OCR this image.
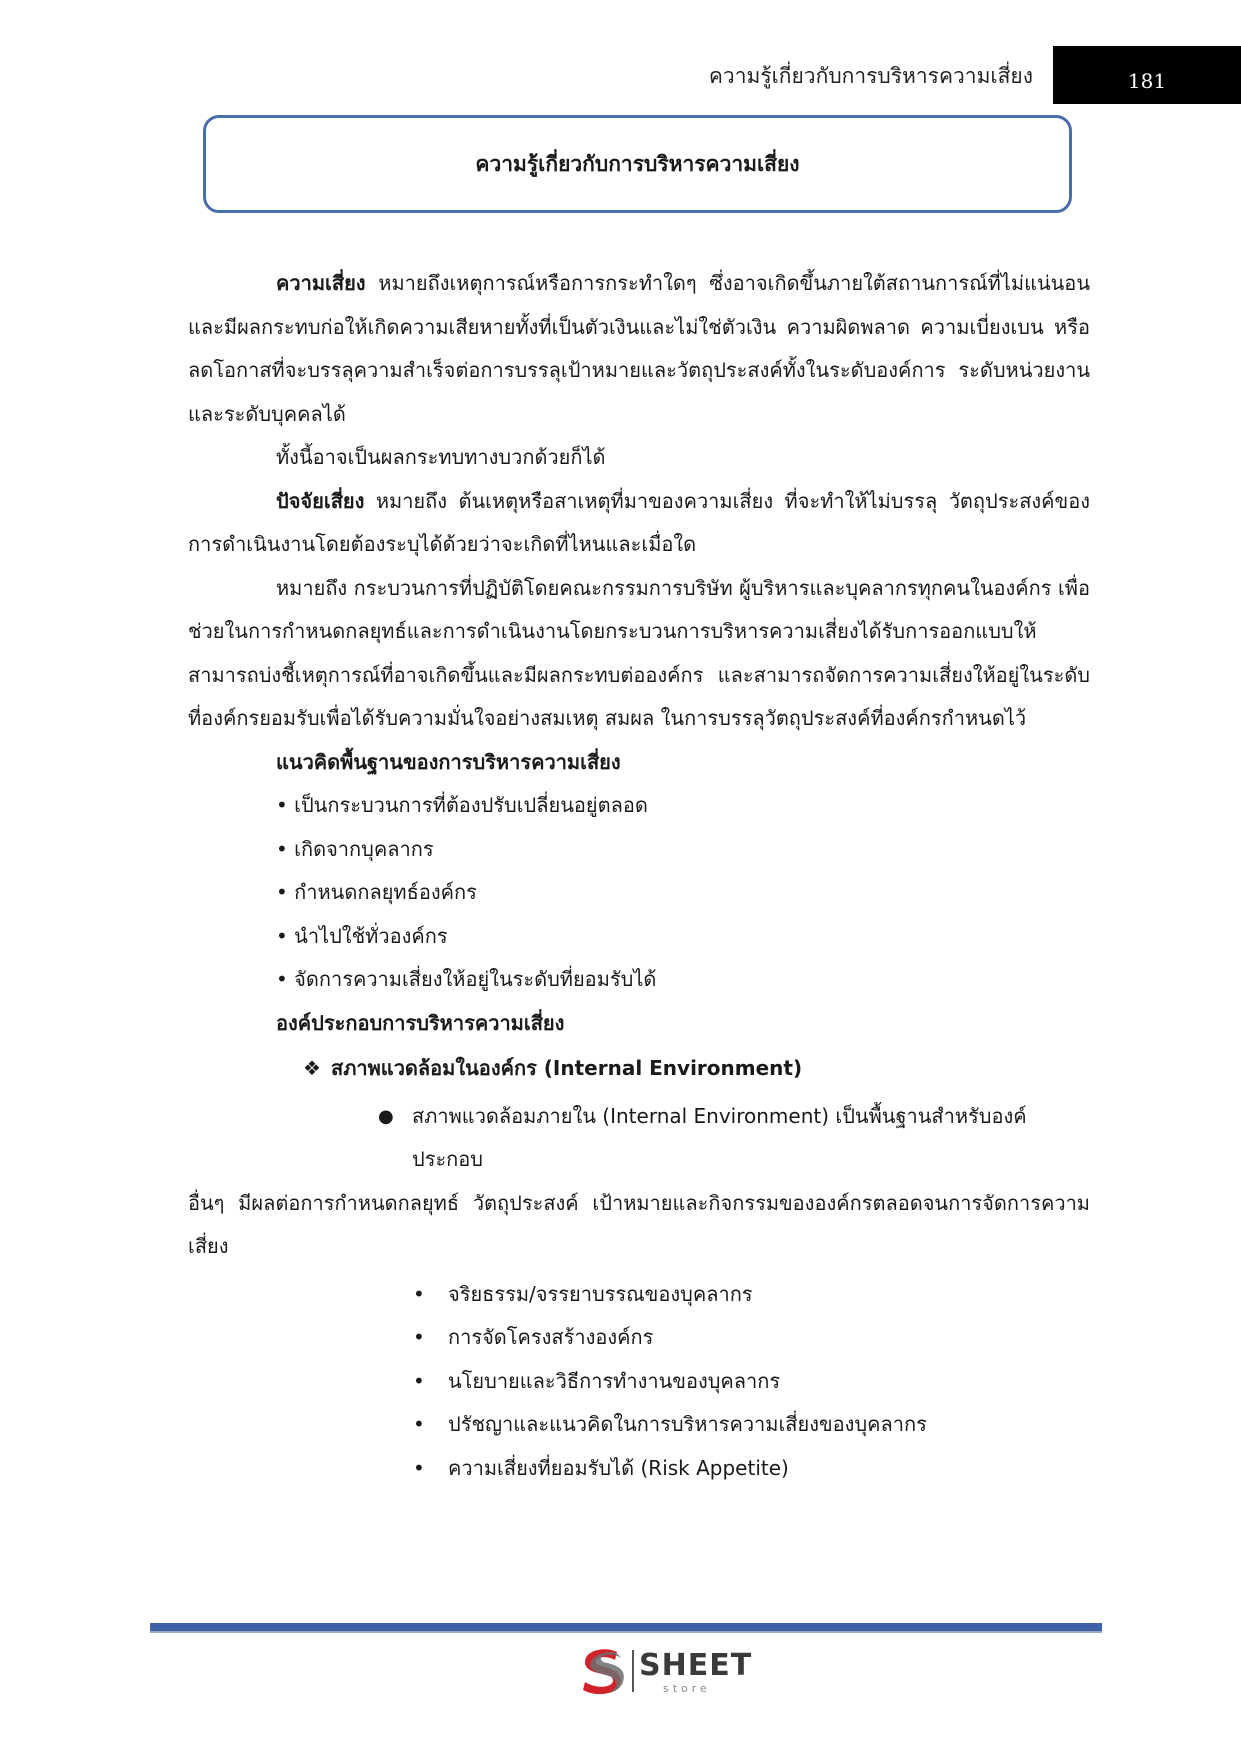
ความรู้เกี่ยวกับการบริหารความเสี่ยง	181
ความรู้เกี่ยวกับการบริหารความเสี่ยง

ความเสี่ยง หมายถึงเหตุการณ์หรือการกระทำใดๆ ซึ่งอาจเกิดขึ้นภายใต้สถานการณ์ที่ไม่แน่นอน และมีผลกระทบก่อให้เกิดความเสียหายทั้งที่เป็นตัวเงินและไม่ใช่ตัวเงิน ความผิดพลาด ความเบี่ยงเบน หรือลดโอกาสที่จะบรรลุความสำเร็จต่อการบรรลุเป้าหมายและวัตถุประสงค์ทั้งในระดับองค์การ ระดับหน่วยงานและระดับบุคคลได้

ทั้งนี้อาจเป็นผลกระทบทางบวกด้วยก็ได้

ปัจจัยเสี่ยง หมายถึง ต้นเหตุหรือสาเหตุที่มาของความเสี่ยง ที่จะทำให้ไม่บรรลุ วัตถุประสงค์ของการดำเนินงานโดยต้องระบุได้ด้วยว่าจะเกิดที่ไหนและเมื่อใด

หมายถึง กระบวนการที่ปฏิบัติโดยคณะกรรมการบริษัท ผู้บริหารและบุคลากรทุกคนในองค์กร เพื่อช่วยในการกำหนดกลยุทธ์และการดำเนินงานโดยกระบวนการบริหารความเสี่ยงได้รับการออกแบบให้สามารถบ่งชี้เหตุการณ์ที่อาจเกิดขึ้นและมีผลกระทบต่อองค์กร และสามารถจัดการความเสี่ยงให้อยู่ในระดับที่องค์กรยอมรับเพื่อได้รับความมั่นใจอย่างสมเหตุ สมผล ในการบรรลุวัตถุประสงค์ที่องค์กรกำหนดไว้

แนวคิดพื้นฐานของการบริหารความเสี่ยง
• เป็นกระบวนการที่ต้องปรับเปลี่ยนอยู่ตลอด
• เกิดจากบุคลากร
• กำหนดกลยุทธ์องค์กร
• นำไปใช้ทั่วองค์กร
• จัดการความเสี่ยงให้อยู่ในระดับที่ยอมรับได้
องค์ประกอบการบริหารความเสี่ยง
❖ สภาพแวดล้อมในองค์กร (Internal Environment)
● สภาพแวดล้อมภายใน (Internal Environment) เป็นพื้นฐานสำหรับองค์ประกอบ

อื่นๆ มีผลต่อการกำหนดกลยุทธ์ วัตถุประสงค์ เป้าหมายและกิจกรรมขององค์กรตลอดจนการจัดการความเสี่ยง

• จริยธรรม/จรรยาบรรณของบุคลากร
• การจัดโครงสร้างองค์กร
• นโยบายและวิธีการทำงานของบุคลากร
• ปรัชญาและแนวคิดในการบริหารความเสี่ยงของบุคลากร
• ความเสี่ยงที่ยอมรับได้ (Risk Appetite)
SHEET
store
